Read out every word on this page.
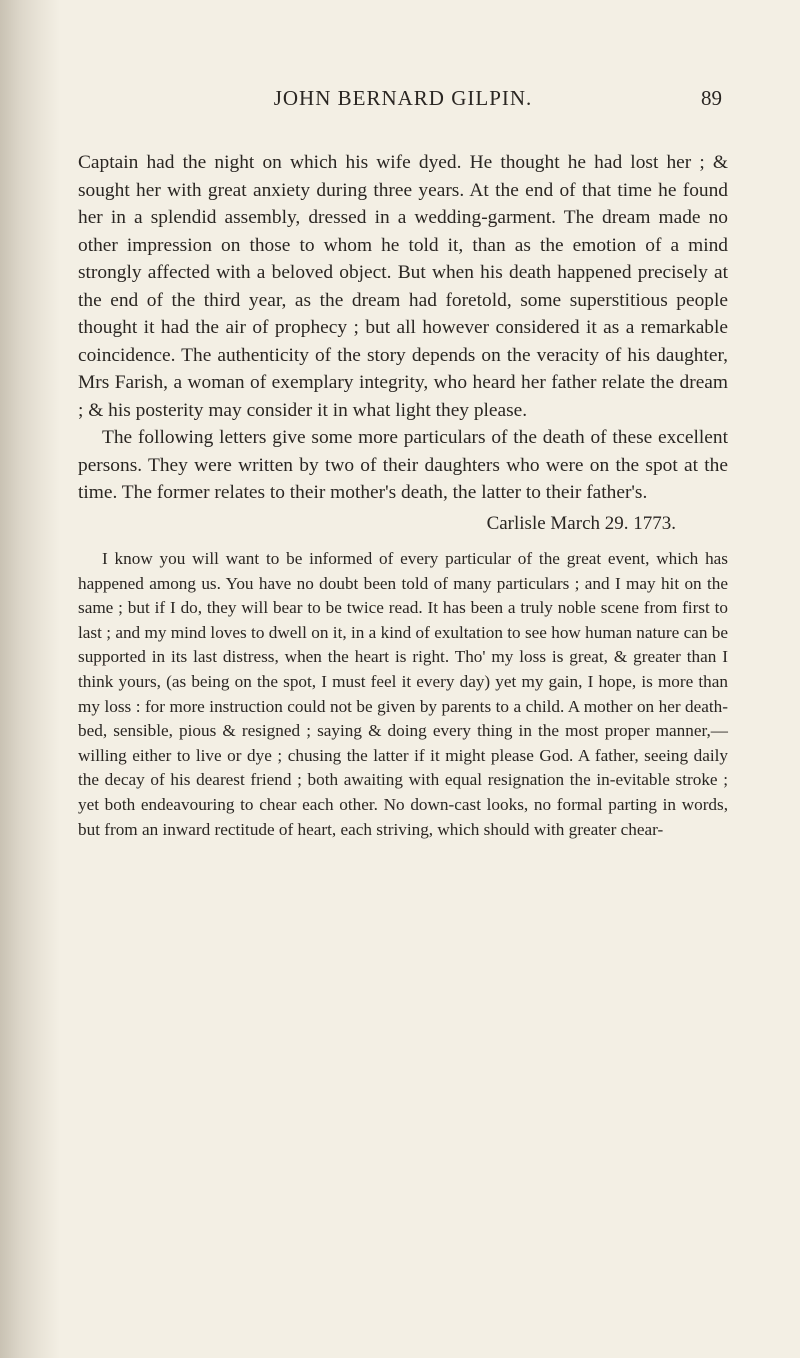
JOHN BERNARD GILPIN.	89

Captain had the night on which his wife dyed. He thought he had lost her ; & sought her with great anxiety during three years. At the end of that time he found her in a splendid assembly, dressed in a wedding-garment. The dream made no other impression on those to whom he told it, than as the emotion of a mind strongly affected with a beloved object. But when his death happened precisely at the end of the third year, as the dream had foretold, some superstitious people thought it had the air of prophecy ; but all however considered it as a remarkable coincidence. The authenticity of the story depends on the veracity of his daughter, Mrs Farish, a woman of exemplary integrity, who heard her father relate the dream ; & his posterity may consider it in what light they please.

The following letters give some more particulars of the death of these excellent persons. They were written by two of their daughters who were on the spot at the time. The former relates to their mother's death, the latter to their father's.

Carlisle March 29. 1773.

I know you will want to be informed of every particular of the great event, which has happened among us. You have no doubt been told of many particulars ; and I may hit on the same ; but if I do, they will bear to be twice read. It has been a truly noble scene from first to last ; and my mind loves to dwell on it, in a kind of exultation to see how human nature can be supported in its last distress, when the heart is right. Tho' my loss is great, & greater than I think yours, (as being on the spot, I must feel it every day) yet my gain, I hope, is more than my loss : for more instruction could not be given by parents to a child. A mother on her death-bed, sensible, pious & resigned ; saying & doing every thing in the most proper manner,—willing either to live or dye ; chusing the latter if it might please God. A father, seeing daily the decay of his dearest friend ; both awaiting with equal resignation the in-evitable stroke ; yet both endeavouring to chear each other. No down-cast looks, no formal parting in words, but from an inward rectitude of heart, each striving, which should with greater chear-
